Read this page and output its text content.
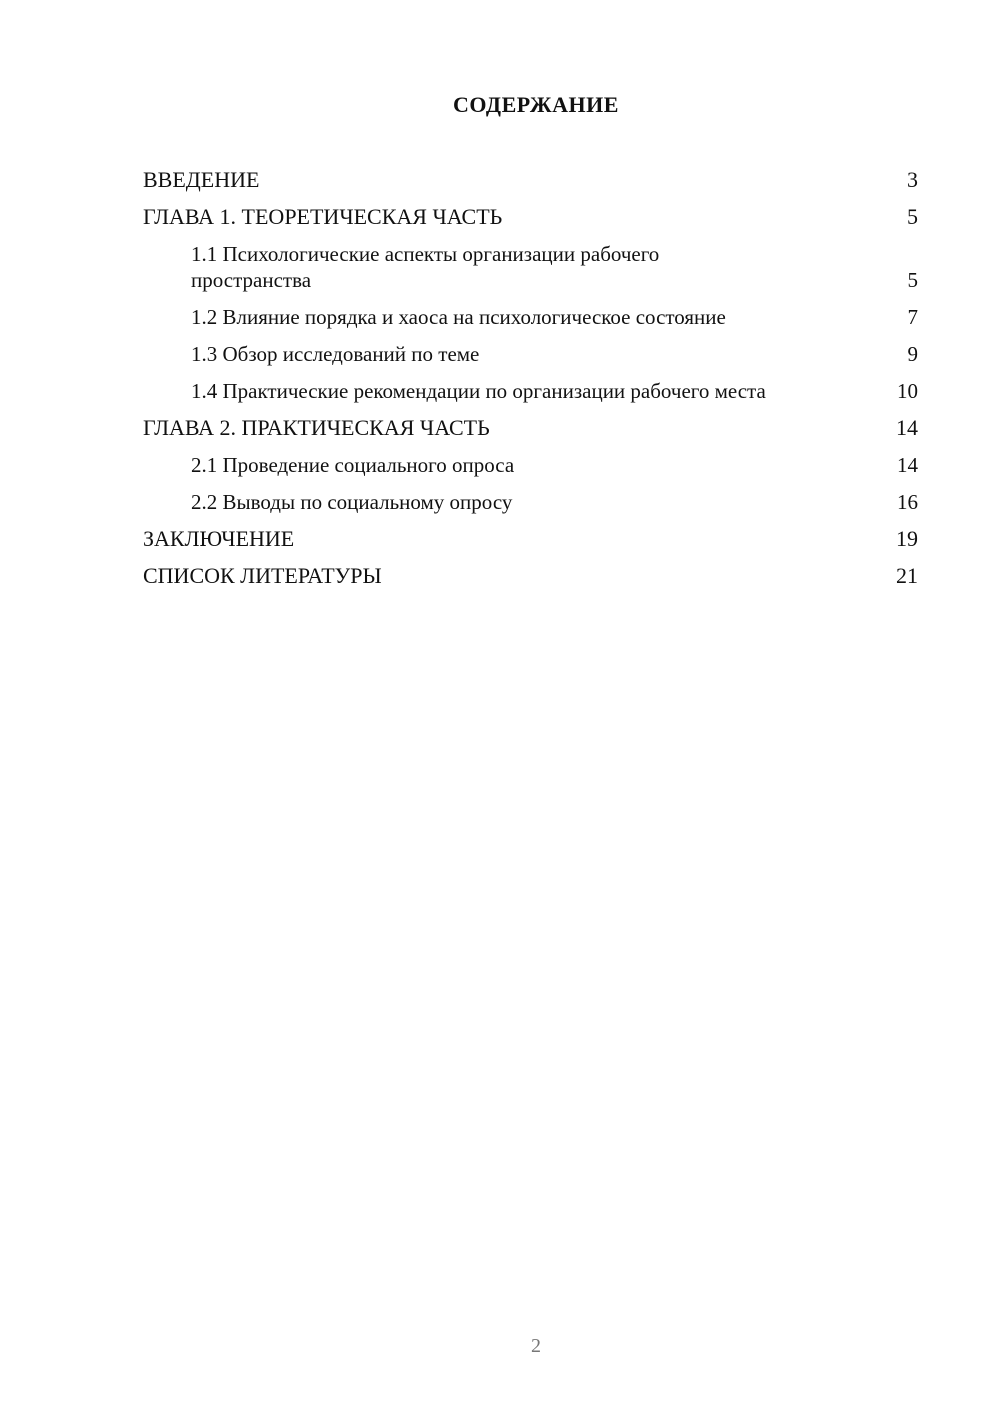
СОДЕРЖАНИЕ
ВВЕДЕНИЕ	3
ГЛАВА 1. ТЕОРЕТИЧЕСКАЯ ЧАСТЬ	5
1.1 Психологические аспекты организации рабочего пространства	5
1.2 Влияние порядка и хаоса на психологическое состояние	7
1.3 Обзор исследований по теме	9
1.4 Практические рекомендации по организации рабочего места	10
ГЛАВА 2. ПРАКТИЧЕСКАЯ ЧАСТЬ	14
2.1 Проведение социального опроса	14
2.2 Выводы по социальному опросу	16
ЗАКЛЮЧЕНИЕ	19
СПИСОК ЛИТЕРАТУРЫ	21
2
